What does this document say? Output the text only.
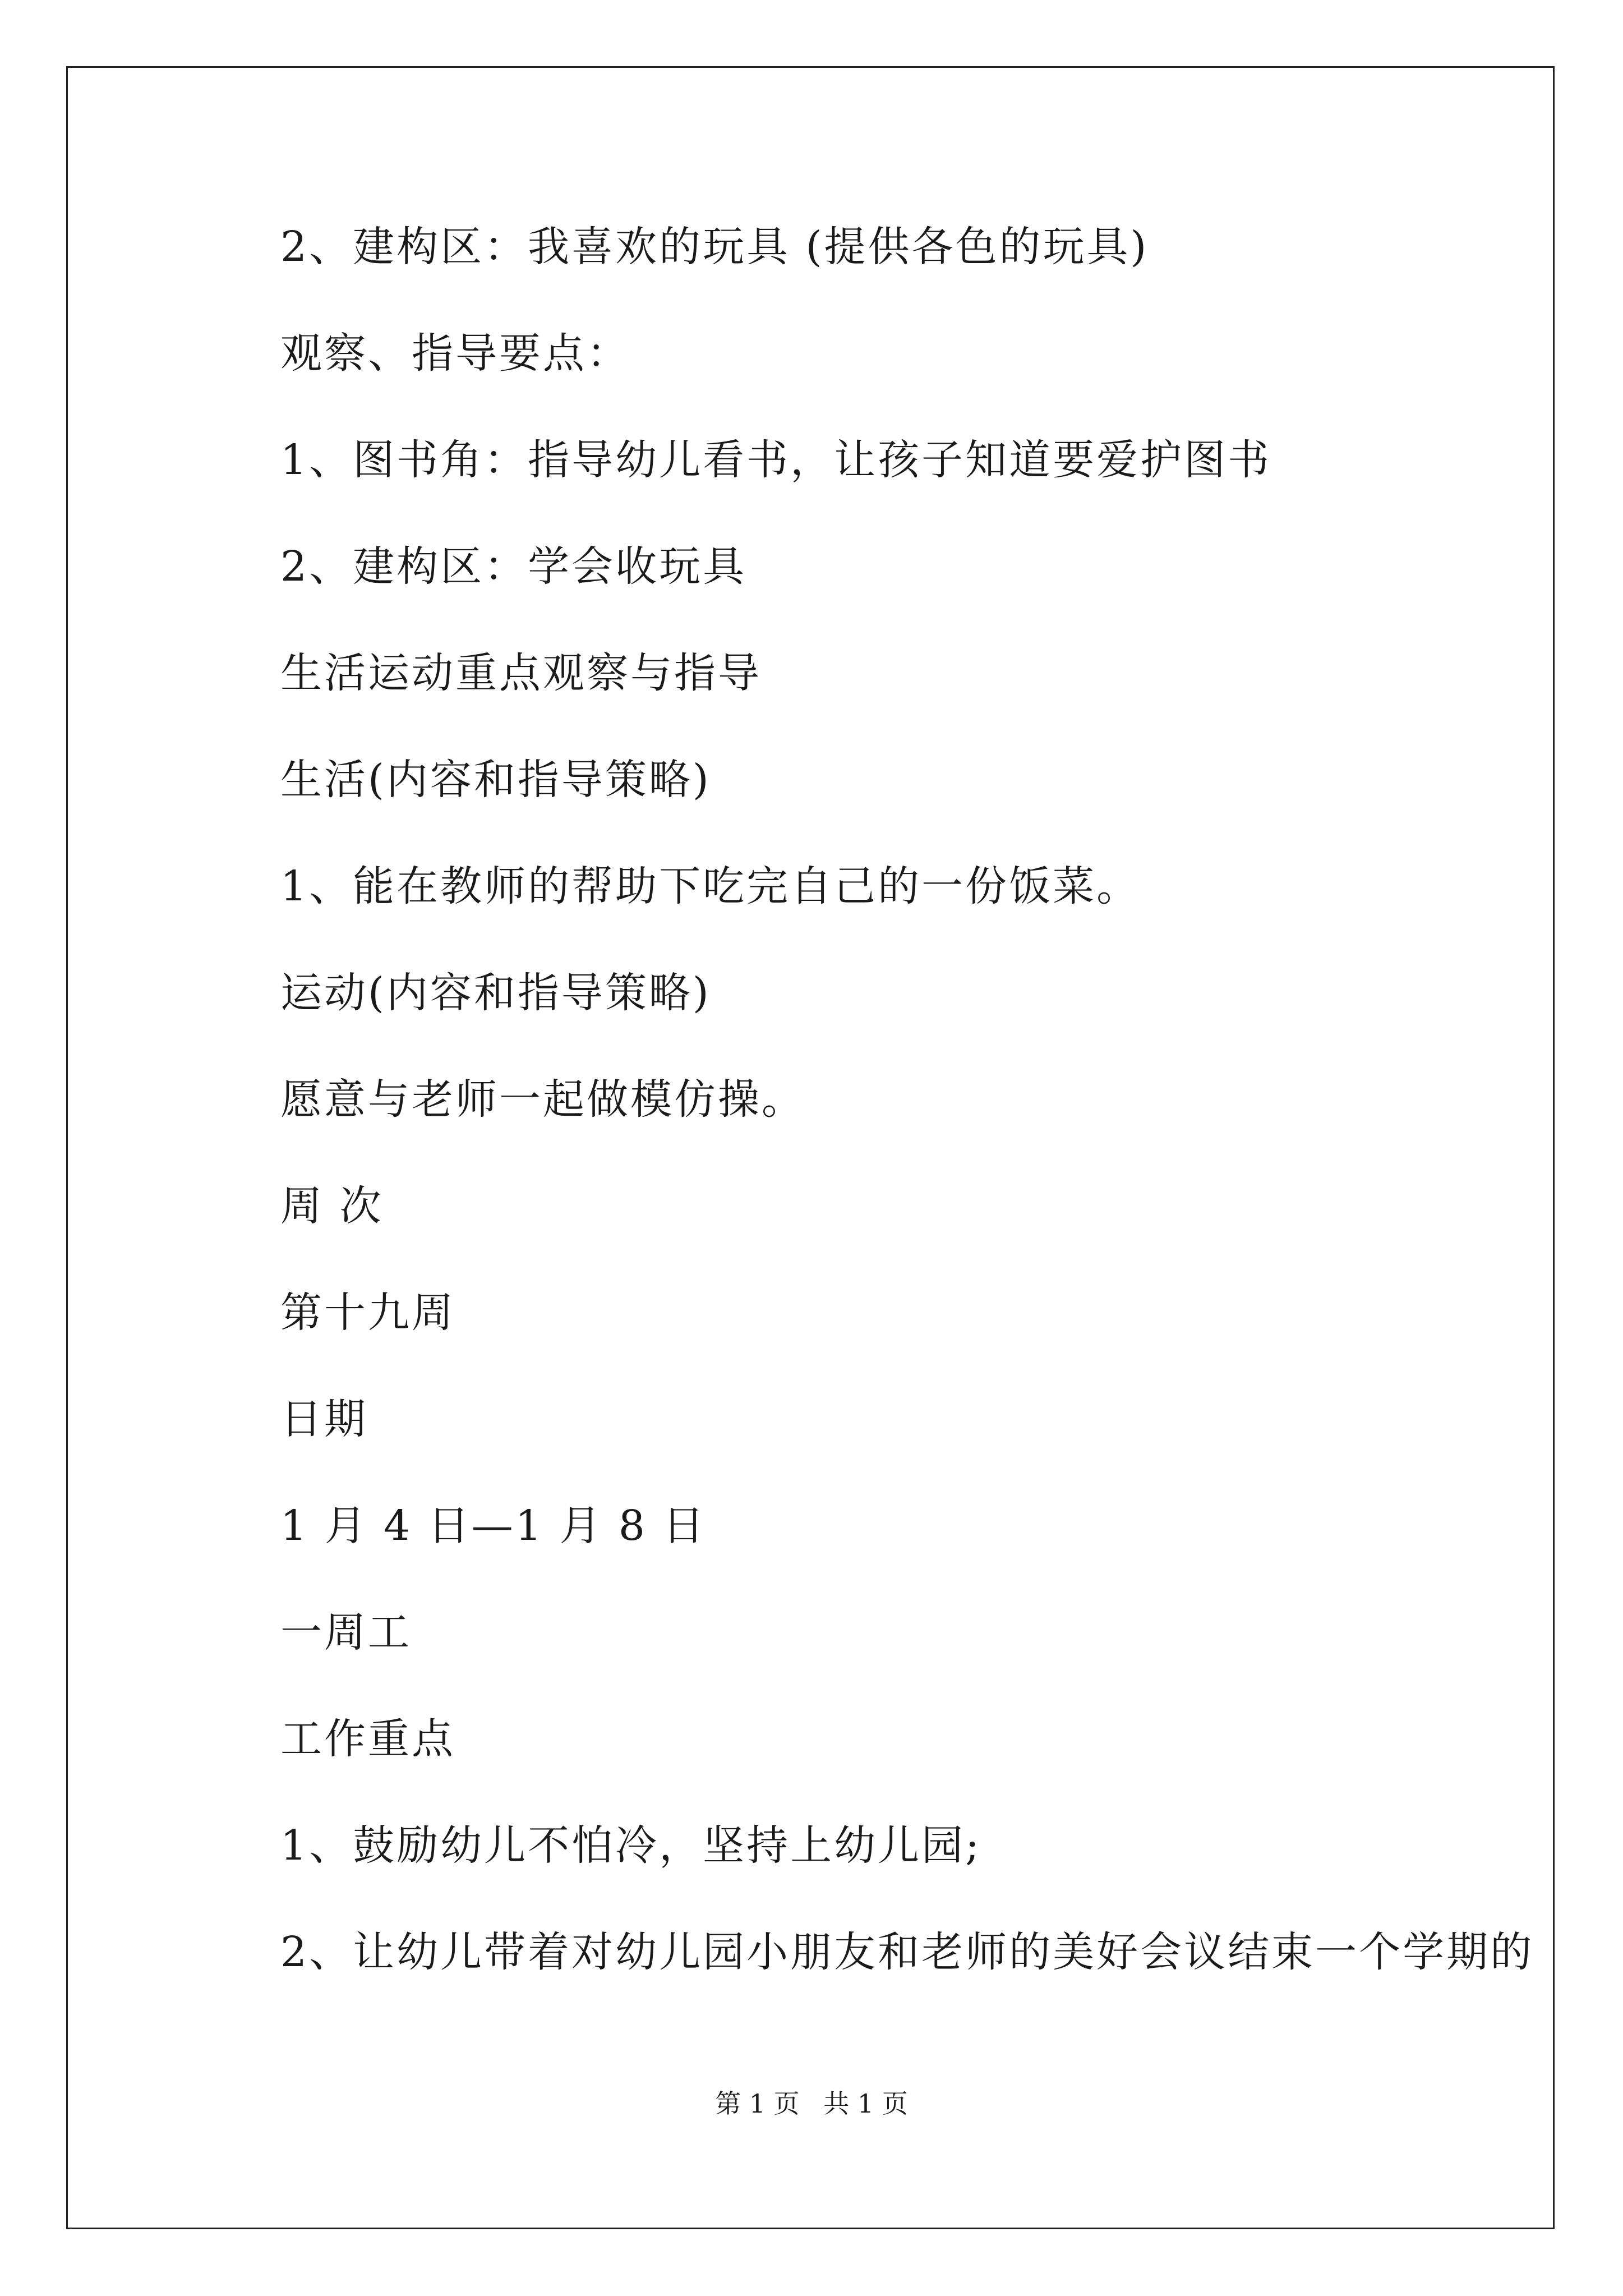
2、建构区：我喜欢的玩具 (提供各色的玩具)
观察、指导要点：
1、图书角：指导幼儿看书，让孩子知道要爱护图书
2、建构区：学会收玩具
生活运动重点观察与指导
生活(内容和指导策略)
1、能在教师的帮助下吃完自己的一份饭菜。
运动(内容和指导策略)
愿意与老师一起做模仿操。
周 次
第十九周
日期
1 月 4 日—1 月 8 日
一周工
工作重点
1、鼓励幼儿不怕冷，坚持上幼儿园;
2、让幼儿带着对幼儿园小朋友和老师的美好会议结束一个学期的
第 1 页 共 1 页
